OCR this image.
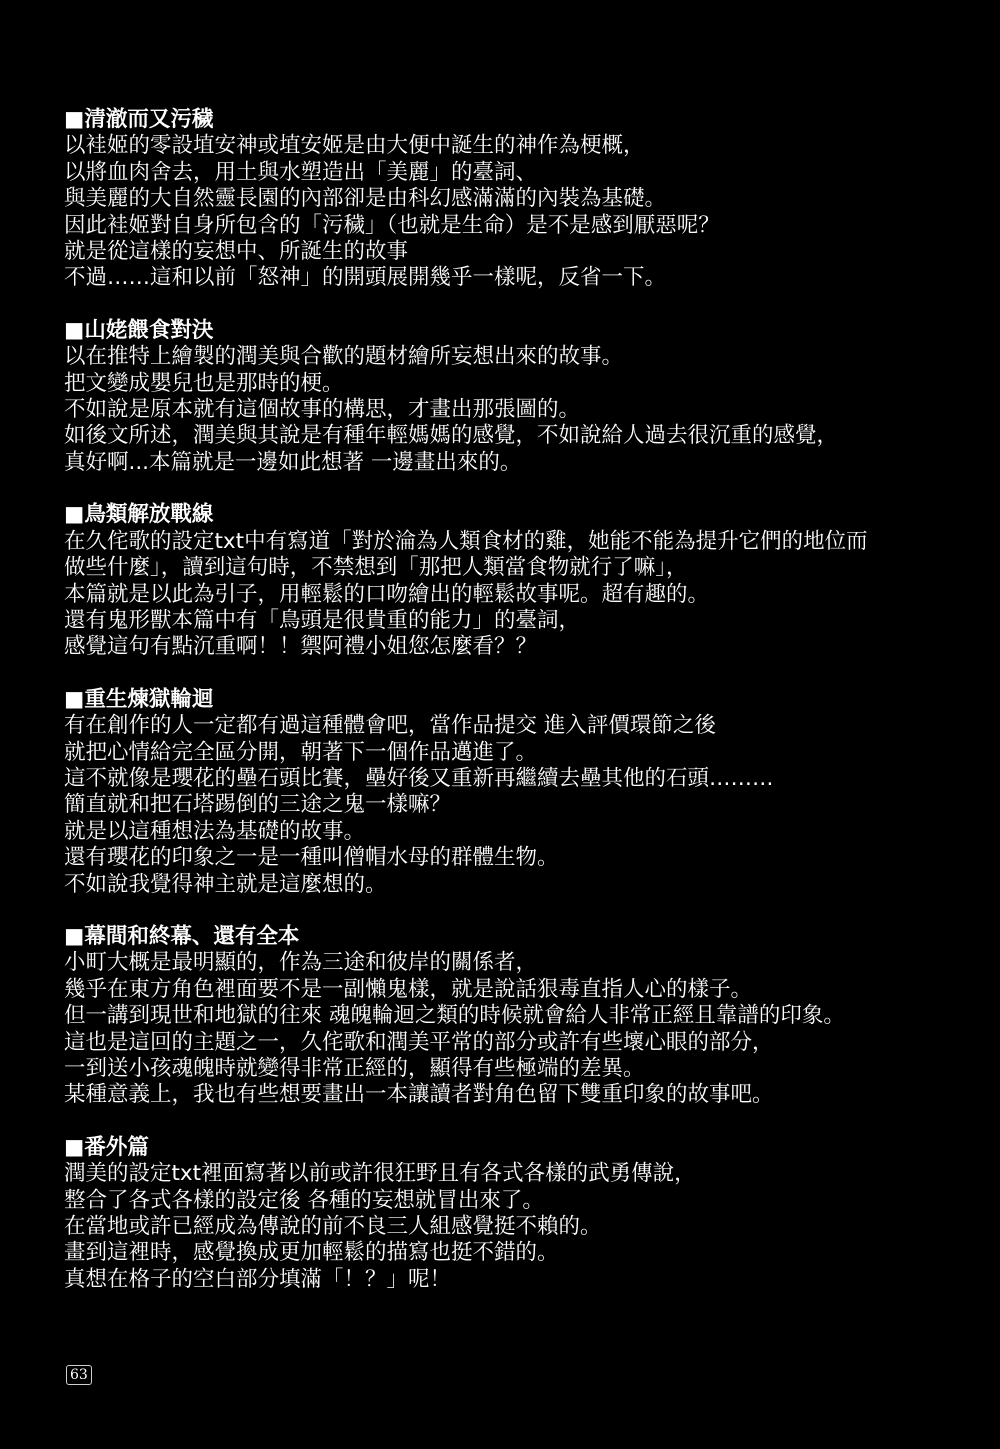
■清澈而又污穢
以袿姬的零設埴安神或埴安姬是由大便中誕生的神作為梗概，
以將血肉舍去，用土與水塑造出「美麗」的臺詞、
與美麗的大自然靈長園的內部卻是由科幻感滿滿的內裝為基礎。
因此袿姬對自身所包含的「污穢」（也就是生命）是不是感到厭惡呢？
就是從這樣的妄想中、所誕生的故事
不過……這和以前「怒神」的開頭展開幾乎一樣呢，反省一下。
■山姥餵食對決
以在推特上繪製的潤美與合歡的題材繪所妄想出來的故事。
把文變成嬰兒也是那時的梗。
不如說是原本就有這個故事的構思，才畫出那張圖的。
如後文所述，潤美與其說是有種年輕媽媽的感覺，不如說給人過去很沉重的感覺，
真好啊...本篇就是一邊如此想著 一邊畫出來的。
■鳥類解放戰線
在久侘歌的設定txt中有寫道「對於淪為人類食材的雞，她能不能為提升它們的地位而
做些什麼」，讀到這句時，不禁想到「那把人類當食物就行了嘛」，
本篇就是以此為引子，用輕鬆的口吻繪出的輕鬆故事呢。超有趣的。
還有鬼形獸本篇中有「鳥頭是很貴重的能力」的臺詞，
感覺這句有點沉重啊！！禦阿禮小姐您怎麼看？？
■重生煉獄輪迴
有在創作的人一定都有過這種體會吧，當作品提交 進入評價環節之後
就把心情給完全區分開，朝著下一個作品邁進了。
這不就像是瓔花的壘石頭比賽，壘好後又重新再繼續去壘其他的石頭………
簡直就和把石塔踢倒的三途之鬼一樣嘛？
就是以這種想法為基礎的故事。
還有瓔花的印象之一是一種叫僧帽水母的群體生物。
不如說我覺得神主就是這麼想的。
■幕間和終幕、還有全本
小町大概是最明顯的，作為三途和彼岸的關係者，
幾乎在東方角色裡面要不是一副懶鬼樣，就是說話狠毒直指人心的樣子。
但一講到現世和地獄的往來 魂魄輪迴之類的時候就會給人非常正經且靠譜的印象。
這也是這回的主題之一，久侘歌和潤美平常的部分或許有些壞心眼的部分，
一到送小孩魂魄時就變得非常正經的，顯得有些極端的差異。
某種意義上，我也有些想要畫出一本讓讀者對角色留下雙重印象的故事吧。
■番外篇
潤美的設定txt裡面寫著以前或許很狂野且有各式各樣的武勇傳說，
整合了各式各樣的設定後 各種的妄想就冒出來了。
在當地或許已經成為傳說的前不良三人組感覺挺不賴的。
畫到這裡時，感覺換成更加輕鬆的描寫也挺不錯的。
真想在格子的空白部分填滿「！？」呢！
63
